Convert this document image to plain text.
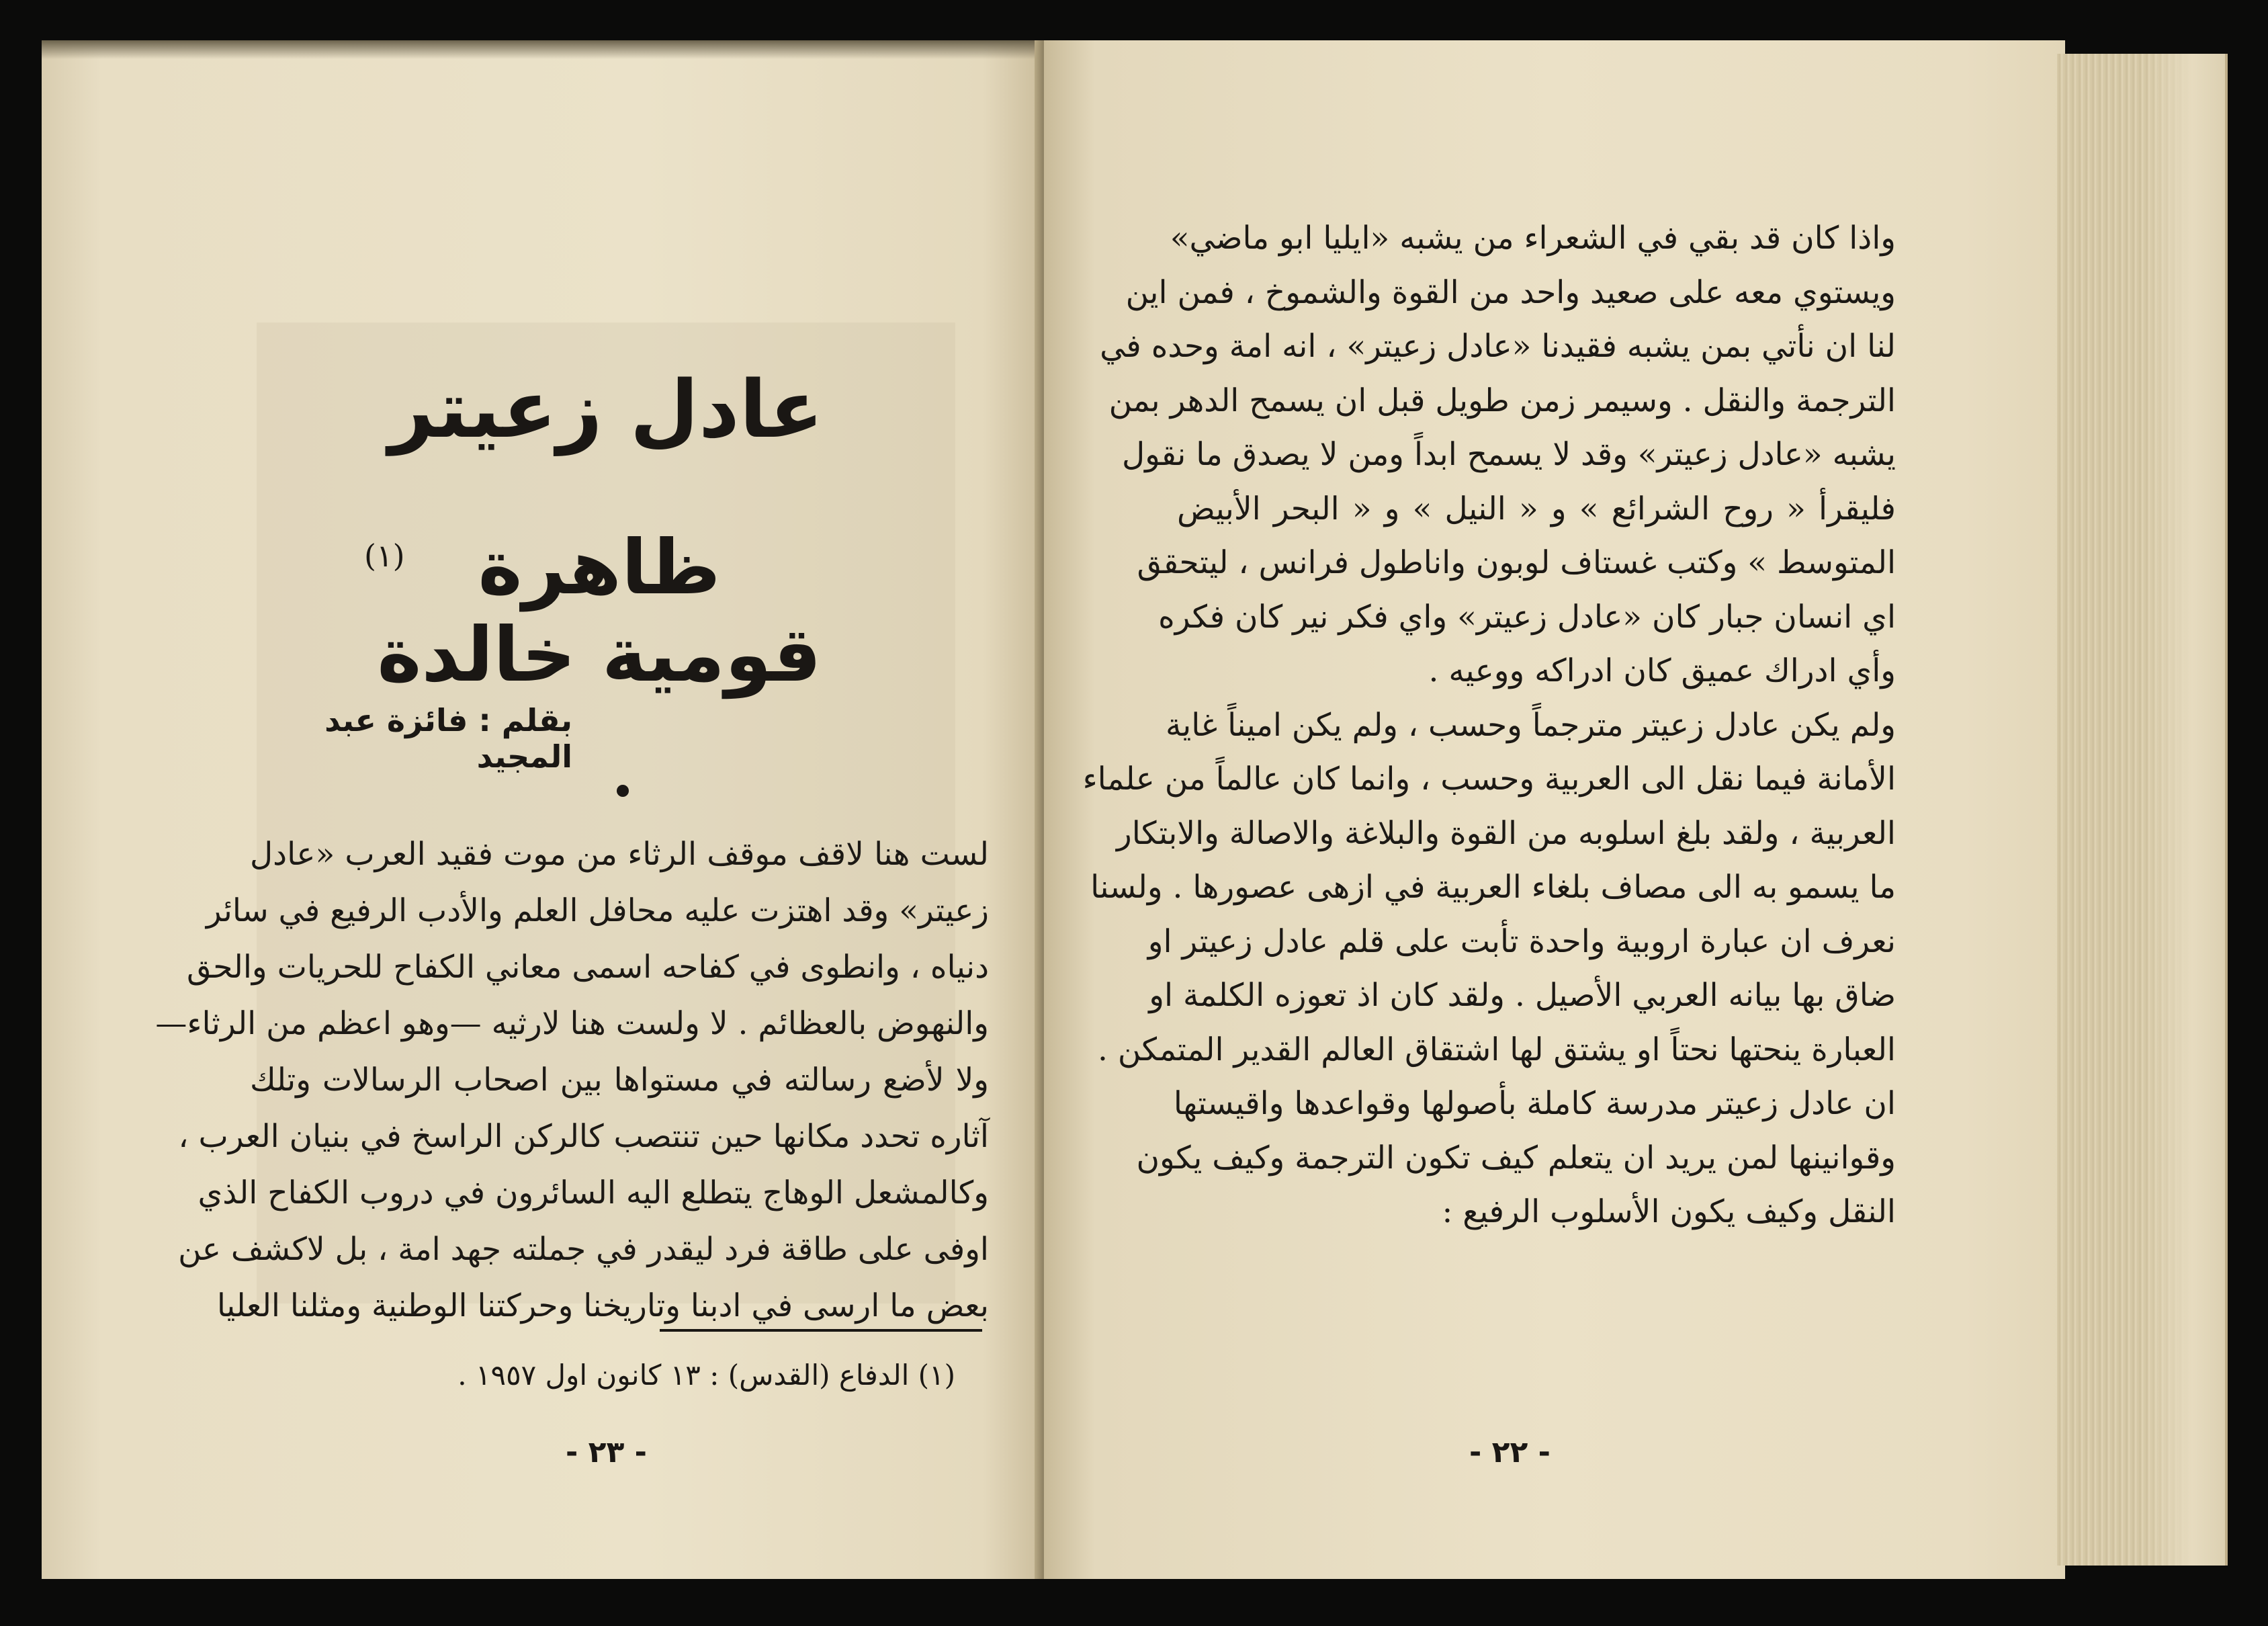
عادل زعيتر
ظاهرة قومية خالدة
(١)
بقلم : فائزة عبد المجيد
لست هنا لاقف موقف الرثاء من موت فقيد العرب «عادل
زعيتر» وقد اهتزت عليه محافل العلم والأدب الرفيع في سائر
دنياه ، وانطوى في كفاحه اسمى معاني الكفاح للحريات والحق
والنهوض بالعظائم . لا ولست هنا لارثيه —وهو اعظم من الرثاء—
ولا لأضع رسالته في مستواها بين اصحاب الرسالات وتلك
آثاره تحدد مكانها حين تنتصب كالركن الراسخ في بنيان العرب ،
وكالمشعل الوهاج يتطلع اليه السائرون في دروب الكفاح الذي
اوفى على طاقة فرد ليقدر في جملته جهد امة ، بل لاكشف عن
بعض ما ارسى في ادبنا وتاريخنا وحركتنا الوطنية ومثلنا العليا
(١) الدفاع (القدس) : ١٣ كانون اول ١٩٥٧ .
- ٢٣ -
واذا كان قد بقي في الشعراء من يشبه «ايليا ابو ماضي»
ويستوي معه على صعيد واحد من القوة والشموخ ، فمن اين
لنا ان نأتي بمن يشبه فقيدنا «عادل زعيتر» ، انه امة وحده في
الترجمة والنقل . وسيمر زمن طويل قبل ان يسمح الدهر بمن
يشبه «عادل زعيتر» وقد لا يسمح ابداً ومن لا يصدق ما نقول
فليقرأ « روح الشرائع » و « النيل » و « البحر الأبيض
المتوسط » وكتب غستاف لوبون واناطول فرانس ، ليتحقق
اي انسان جبار كان «عادل زعيتر» واي فكر نير كان فكره
وأي ادراك عميق كان ادراكه ووعيه .
ولم يكن عادل زعيتر مترجماً وحسب ، ولم يكن اميناً غاية
الأمانة فيما نقل الى العربية وحسب ، وانما كان عالماً من علماء
العربية ، ولقد بلغ اسلوبه من القوة والبلاغة والاصالة والابتكار
ما يسمو به الى مصاف بلغاء العربية في ازهى عصورها . ولسنا
نعرف ان عبارة اروبية واحدة تأبت على قلم عادل زعيتر او
ضاق بها بيانه العربي الأصيل . ولقد كان اذ تعوزه الكلمة او
العبارة ينحتها نحتاً او يشتق لها اشتقاق العالم القدير المتمكن .
ان عادل زعيتر مدرسة كاملة بأصولها وقواعدها واقيستها
وقوانينها لمن يريد ان يتعلم كيف تكون الترجمة وكيف يكون
النقل وكيف يكون الأسلوب الرفيع :
- ٢٢ -
